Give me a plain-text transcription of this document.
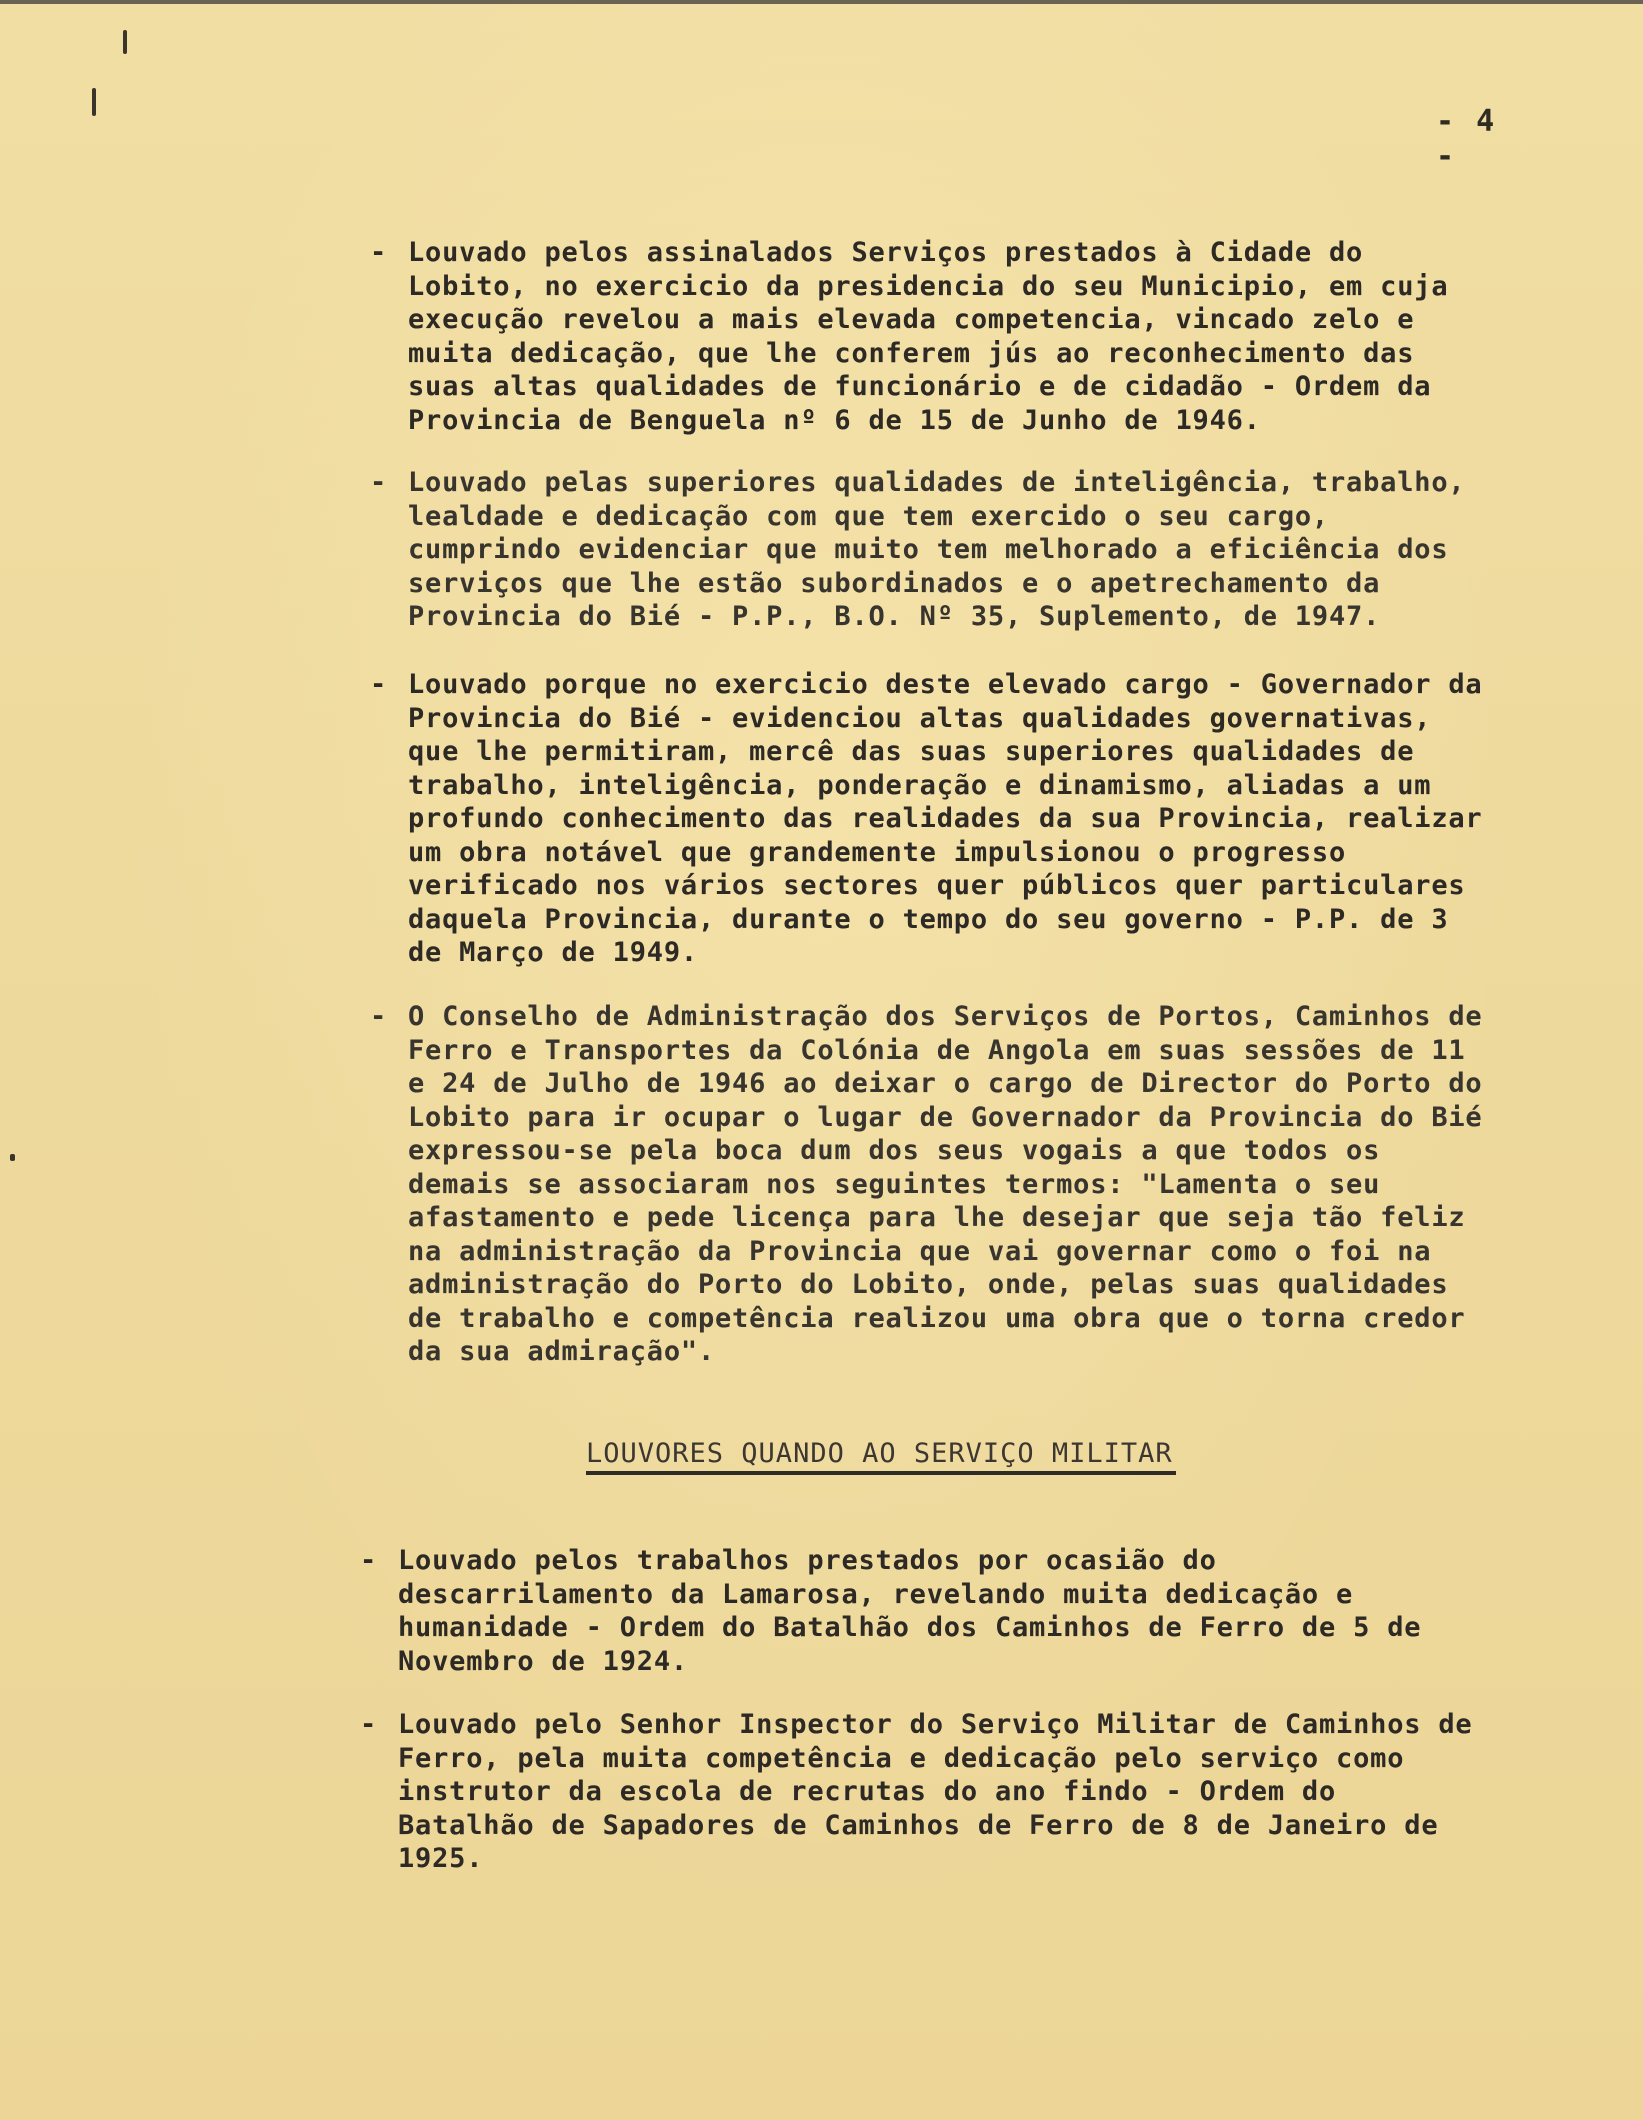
- 4 -

- Louvado pelos assinalados Serviços prestados à Cidade do Lobito, no exercicio da presidencia do seu Municipio, em cuja execução revelou a mais elevada competencia, vincado zelo e muita dedicação, que lhe conferem jús ao reconhecimento das suas altas qualidades de funcionário e de cidadão - Ordem da Provincia de Benguela nº 6 de 15 de Junho de 1946.

- Louvado pelas superiores qualidades de inteligência, trabalho, lealdade e dedicação com que tem exercido o seu cargo, cumprindo evidenciar que muito tem melhorado a eficiência dos serviços que lhe estão subordinados e o apetrechamento da Provincia do Bié - P.P., B.O. Nº 35, Suplemento, de 1947.

- Louvado porque no exercicio deste elevado cargo - Governador da Provincia do Bié - evidenciou altas qualidades governativas, que lhe permitiram, mercê das suas superiores qualidades de trabalho, inteligência, ponderação e dinamismo, aliadas a um profundo conhecimento das realidades da sua Provincia, realizar um obra notável que grandemente impulsionou o progresso verificado nos vários sectores quer públicos quer particulares daquela Provincia, durante o tempo do seu governo - P.P. de 3 de Março de 1949.

- O Conselho de Administração dos Serviços de Portos, Caminhos de Ferro e Transportes da Colónia de Angola em suas sessões de 11 e 24 de Julho de 1946 ao deixar o cargo de Director do Porto do Lobito para ir ocupar o lugar de Governador da Provincia do Bié expressou-se pela boca dum dos seus vogais a que todos os demais se associaram nos seguintes termos: "Lamenta o seu afastamento e pede licença para lhe desejar que seja tão feliz na administração da Provincia que vai governar como o foi na administração do Porto do Lobito, onde, pelas suas qualidades de trabalho e competência realizou uma obra que o torna credor da sua admiração".

LOUVORES QUANDO AO SERVIÇO MILITAR

- Louvado pelos trabalhos prestados por ocasião do descarrilamento da Lamarosa, revelando muita dedicação e humanidade - Ordem do Batalhão dos Caminhos de Ferro de 5 de Novembro de 1924.

- Louvado pelo Senhor Inspector do Serviço Militar de Caminhos de Ferro, pela muita competência e dedicação pelo serviço como instrutor da escola de recrutas do ano findo - Ordem do Batalhão de Sapadores de Caminhos de Ferro de 8 de Janeiro de 1925.
